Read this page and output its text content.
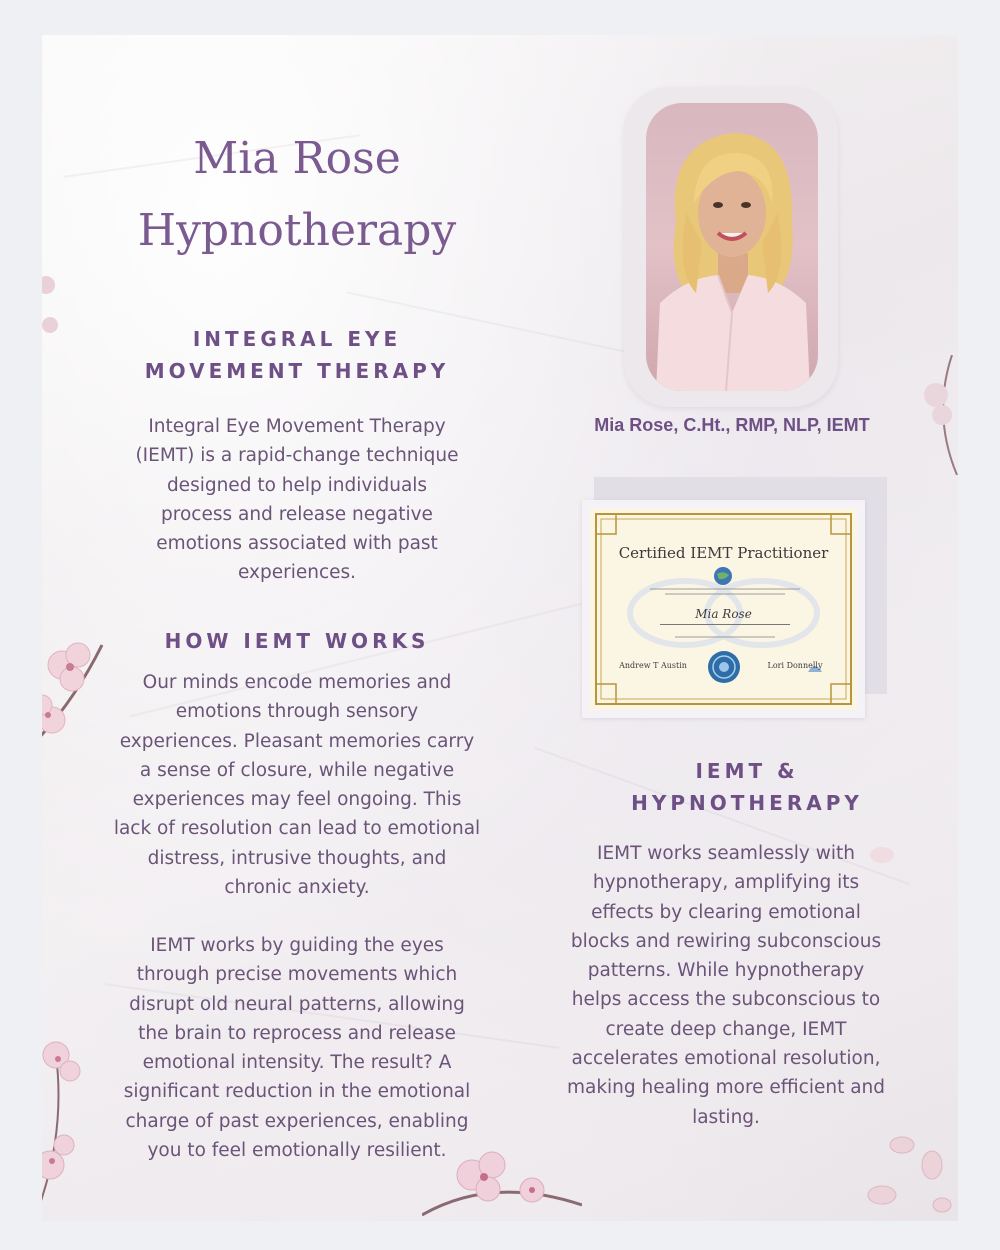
Mia Rose
Hypnotherapy
INTEGRAL EYE
MOVEMENT THERAPY

Integral Eye Movement Therapy
(IEMT) is a rapid-change technique
designed to help individuals
process and release negative
emotions associated with past
experiences.

HOW IEMT WORKS

Our minds encode memories and
emotions through sensory
experiences. Pleasant memories carry
a sense of closure, while negative
experiences may feel ongoing. This
lack of resolution can lead to emotional
distress, intrusive thoughts, and
chronic anxiety.

IEMT works by guiding the eyes
through precise movements which
disrupt old neural patterns, allowing
the brain to reprocess and release
emotional intensity. The result? A
significant reduction in the emotional
charge of past experiences, enabling
you to feel emotionally resilient.

Mia Rose, C.Ht., RMP, NLP, IEMT

Certified IEMT Practitioner

Mia Rose

Andrew T Austin	Lori Donnelly

IEMT &
HYPNOTHERAPY

IEMT works seamlessly with
hypnotherapy, amplifying its
effects by clearing emotional
blocks and rewiring subconscious
patterns. While hypnotherapy
helps access the subconscious to
create deep change, IEMT
accelerates emotional resolution,
making healing more efficient and
lasting.
